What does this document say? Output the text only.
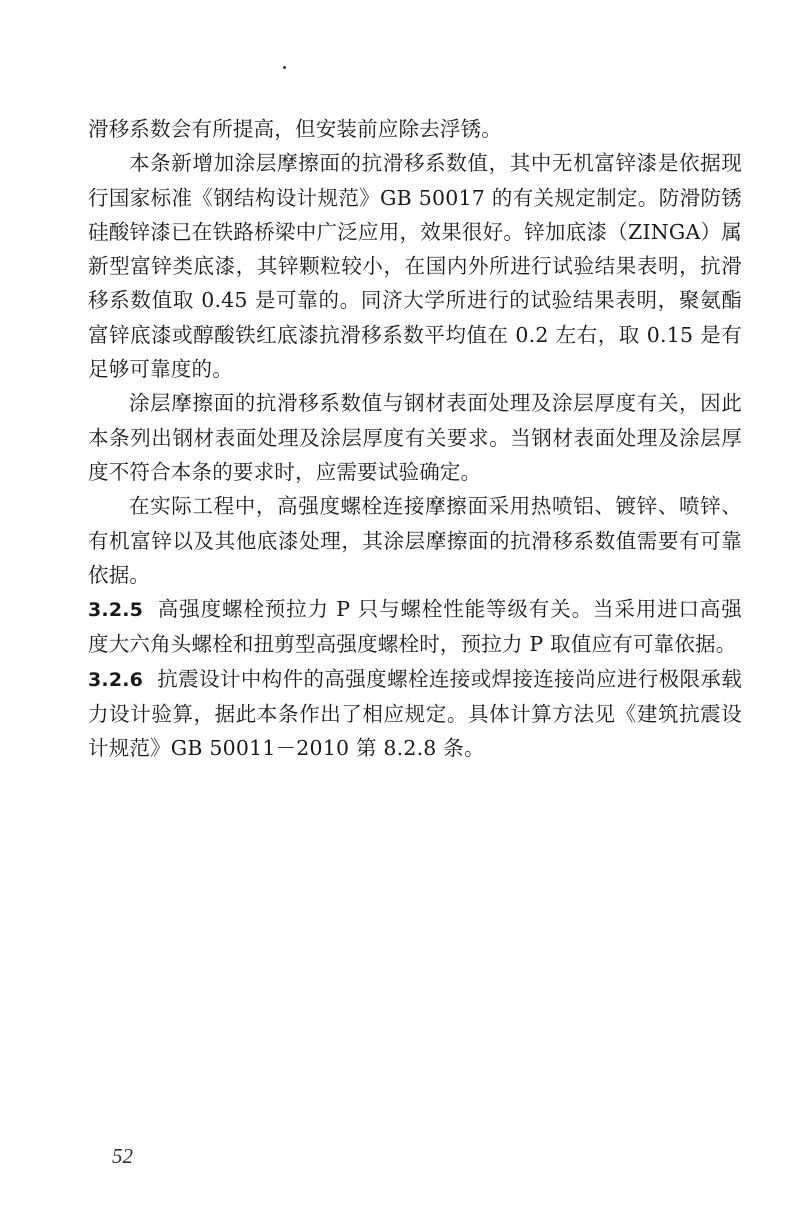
滑移系数会有所提高，但安装前应除去浮锈。

本条新增加涂层摩擦面的抗滑移系数值，其中无机富锌漆是依据现行国家标准《钢结构设计规范》GB 50017 的有关规定制定。防滑防锈硅酸锌漆已在铁路桥梁中广泛应用，效果很好。锌加底漆（ZINGA）属新型富锌类底漆，其锌颗粒较小，在国内外所进行试验结果表明，抗滑移系数值取 0.45 是可靠的。同济大学所进行的试验结果表明，聚氨酯富锌底漆或醇酸铁红底漆抗滑移系数平均值在 0.2 左右，取 0.15 是有足够可靠度的。

涂层摩擦面的抗滑移系数值与钢材表面处理及涂层厚度有关，因此本条列出钢材表面处理及涂层厚度有关要求。当钢材表面处理及涂层厚度不符合本条的要求时，应需要试验确定。

在实际工程中，高强度螺栓连接摩擦面采用热喷铝、镀锌、喷锌、有机富锌以及其他底漆处理，其涂层摩擦面的抗滑移系数值需要有可靠依据。

3.2.5 高强度螺栓预拉力 P 只与螺栓性能等级有关。当采用进口高强度大六角头螺栓和扭剪型高强度螺栓时，预拉力 P 取值应有可靠依据。

3.2.6 抗震设计中构件的高强度螺栓连接或焊接连接尚应进行极限承载力设计验算，据此本条作出了相应规定。具体计算方法见《建筑抗震设计规范》GB 50011－2010 第 8.2.8 条。

52
